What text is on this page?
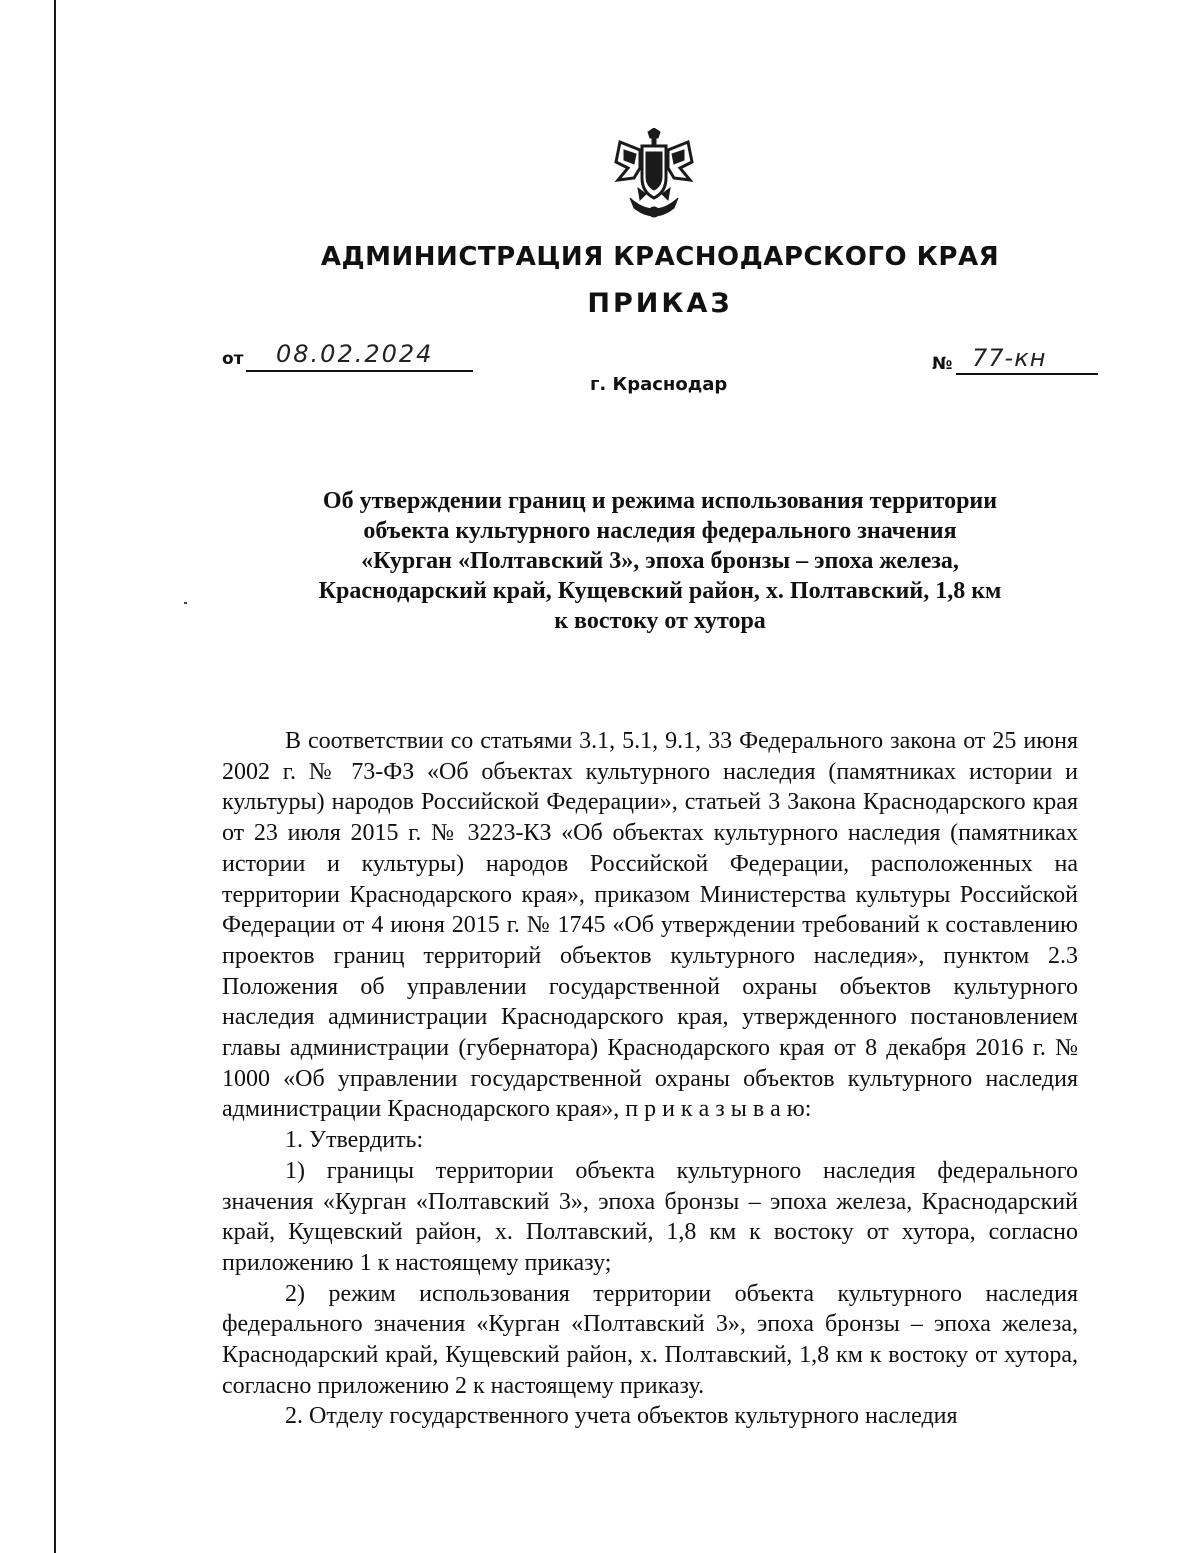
АДМИНИСТРАЦИЯ КРАСНОДАРСКОГО КРАЯ
ПРИКАЗ
от 08.02.2024	№ 77-кн
г. Краснодар
Об утверждении границ и режима использования территории
объекта культурного наследия федерального значения
«Курган «Полтавский 3», эпоха бронзы – эпоха железа,
Краснодарский край, Кущевский район, х. Полтавский, 1,8 км
к востоку от хутора

В соответствии со статьями 3.1, 5.1, 9.1, 33 Федерального закона от 25 июня 2002 г. № 73-ФЗ «Об объектах культурного наследия (памятниках истории и культуры) народов Российской Федерации», статьей 3 Закона Краснодарского края от 23 июля 2015 г. № 3223-КЗ «Об объектах культурного наследия (памятниках истории и культуры) народов Российской Федерации, расположенных на территории Краснодарского края», приказом Министерства культуры Российской Федерации от 4 июня 2015 г. № 1745 «Об утверждении требований к составлению проектов границ территорий объектов культурного наследия», пунктом 2.3 Положения об управлении государственной охраны объектов культурного наследия администрации Краснодарского края, утвержденного постановлением главы администрации (губернатора) Краснодарского края от 8 декабря 2016 г. № 1000 «Об управлении государственной охраны объектов культурного наследия администрации Краснодарского края», п р и к а з ы в а ю:

1. Утвердить:

1) границы территории объекта культурного наследия федерального значения «Курган «Полтавский 3», эпоха бронзы – эпоха железа, Краснодарский край, Кущевский район, х. Полтавский, 1,8 км к востоку от хутора, согласно приложению 1 к настоящему приказу;

2) режим использования территории объекта культурного наследия федерального значения «Курган «Полтавский 3», эпоха бронзы – эпоха железа, Краснодарский край, Кущевский район, х. Полтавский, 1,8 км к востоку от хутора, согласно приложению 2 к настоящему приказу.

2. Отделу государственного учета объектов культурного наследия
